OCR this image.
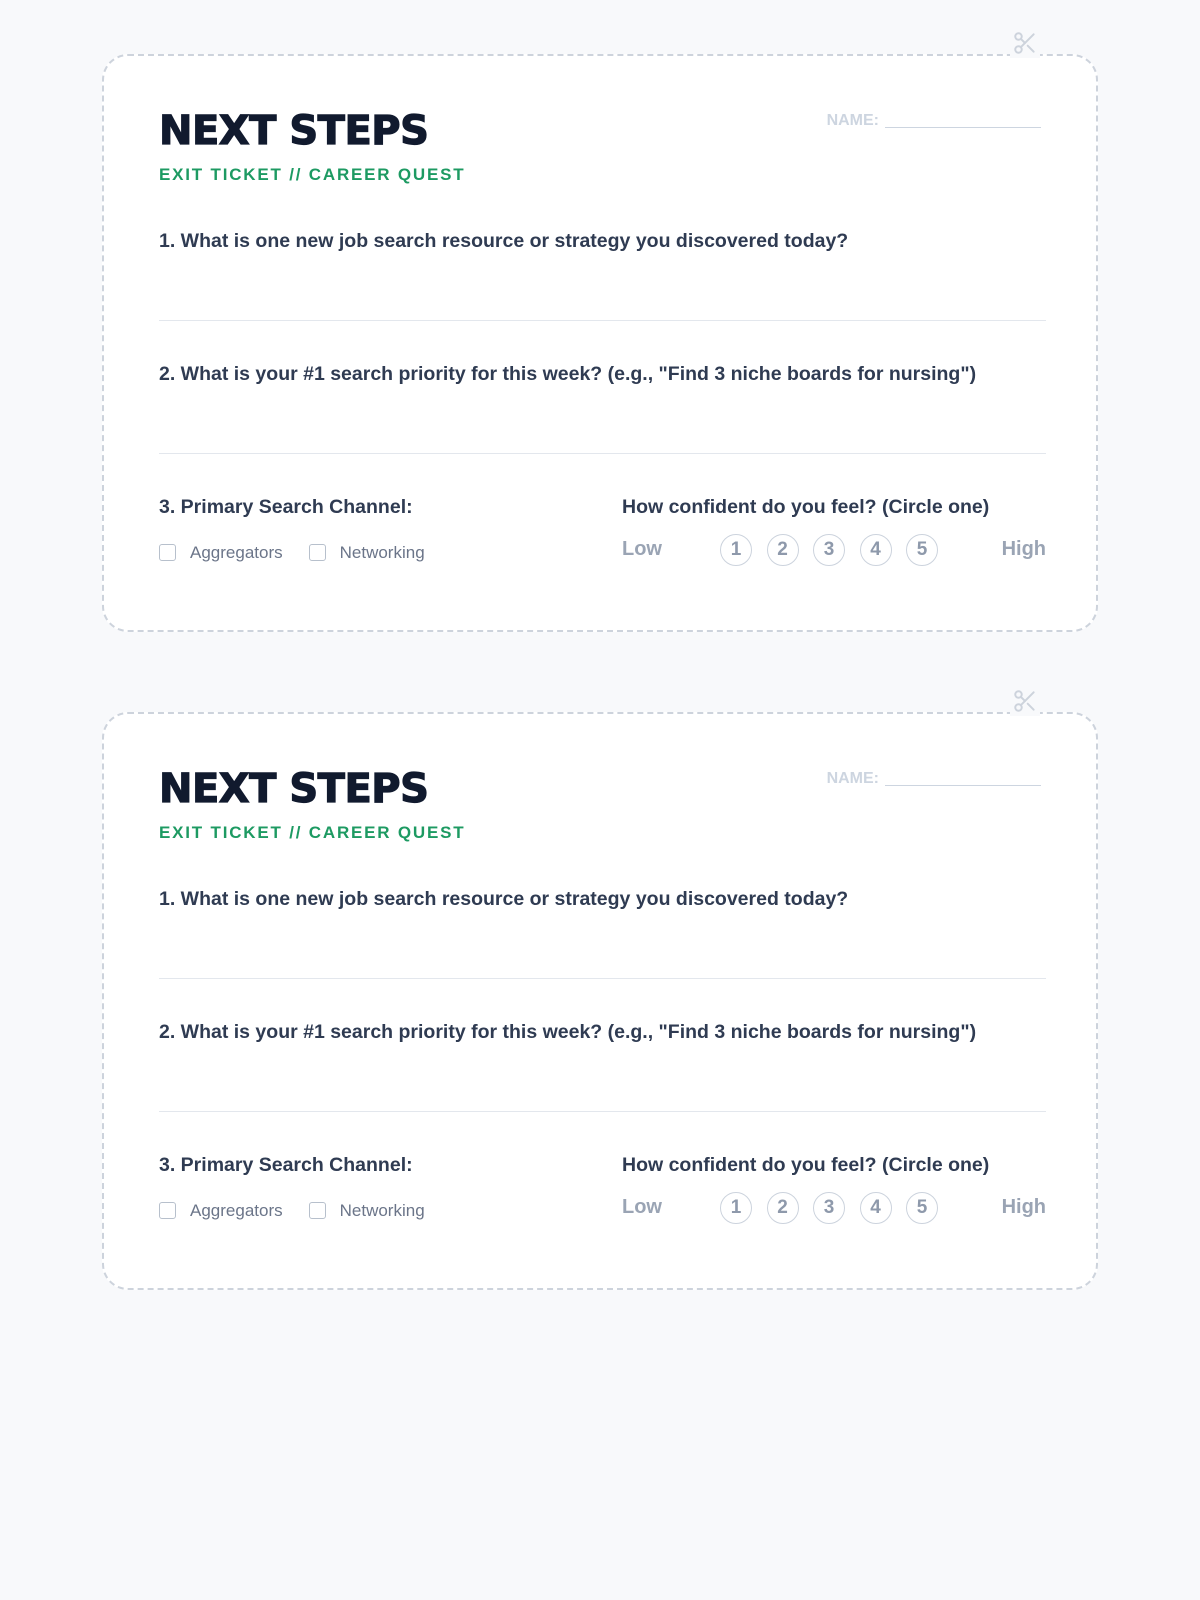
NEXT STEPS
EXIT TICKET // CAREER QUEST
NAME:
1. What is one new job search resource or strategy you discovered today?
2. What is your #1 search priority for this week? (e.g., "Find 3 niche boards for nursing")
3. Primary Search Channel:
Aggregators	Networking
How confident do you feel? (Circle one)
Low	1	2	3	4	5	High
NEXT STEPS
EXIT TICKET // CAREER QUEST
NAME:
1. What is one new job search resource or strategy you discovered today?
2. What is your #1 search priority for this week? (e.g., "Find 3 niche boards for nursing")
3. Primary Search Channel:
Aggregators	Networking
How confident do you feel? (Circle one)
Low	1	2	3	4	5	High
